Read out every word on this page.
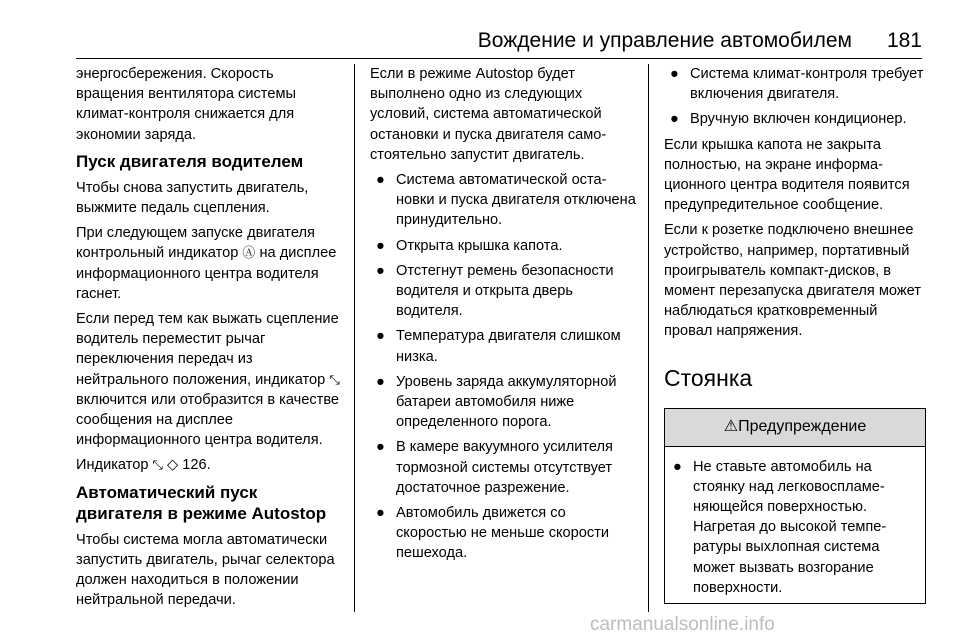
Вождение и управление автомобилем 181

энергосбережения. Скорость вращения вентилятора системы климат-контроля снижается для экономии заряда.

Пуск двигателя водителем

Чтобы снова запустить двигатель, выжмите педаль сцепления.

При следующем запуске двигателя контрольный индикатор Ⓐ на дисплее информационного центра водителя гаснет.

Если перед тем как выжать сцепление водитель переместит рычаг переключения передач из нейтрального положения, индикатор ⤡ включится или отобразится в качестве сообщения на дисплее информационного центра водителя.

Индикатор ⤡ ◇ 126.

Автоматический пуск двигателя в режиме Autostop

Чтобы система могла автоматически запустить двигатель, рычаг селектора должен находиться в положении нейтральной передачи.

Если в режиме Autostop будет выполнено одно из следующих условий, система автоматической остановки и пуска двигателя самостоятельно запустит двигатель.

● Система автоматической остановки и пуска двигателя отключена принудительно.
● Открыта крышка капота.
● Отстегнут ремень безопасности водителя и открыта дверь водителя.
● Температура двигателя слишком низка.
● Уровень заряда аккумуляторной батареи автомобиля ниже определенного порога.
● В камере вакуумного усилителя тормозной системы отсутствует достаточное разрежение.
● Автомобиль движется со скоростью не меньше скорости пешехода.
● Система климат-контроля требует включения двигателя.
● Вручную включен кондиционер.

Если крышка капота не закрыта полностью, на экране информационного центра водителя появится предупредительное сообщение.

Если к розетке подключено внешнее устройство, например, портативный проигрыватель компакт-дисков, в момент перезапуска двигателя может наблюдаться кратковременный провал напряжения.

Стоянка
⚠Предупреждение
● Не ставьте автомобиль на стоянку над легковоспламеняющейся поверхностью. Нагретая до высокой температуры выхлопная система может вызвать возгорание поверхности.
carmanualsonline.info
